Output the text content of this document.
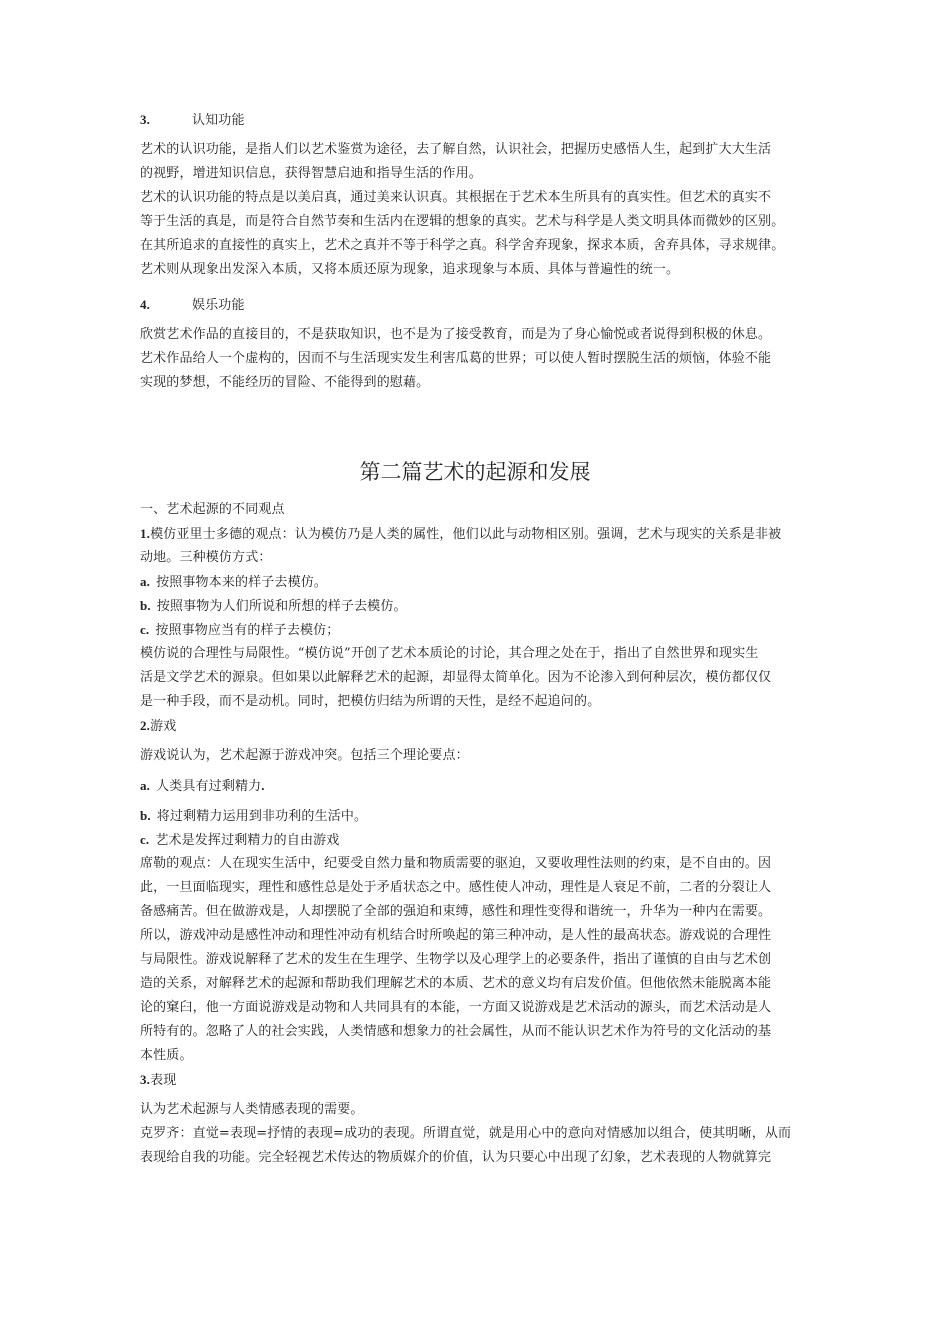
3.	认知功能
艺术的认识功能，是指人们以艺术鉴赏为途径，去了解自然，认识社会，把握历史感悟人生，起到扩大大生活
的视野，增进知识信息，获得智慧启迪和指导生活的作用。
艺术的认识功能的特点是以美启真，通过美来认识真。其根据在于艺术本生所具有的真实性。但艺术的真实不
等于生活的真是，而是符合自然节奏和生活内在逻辑的想象的真实。艺术与科学是人类文明具体而微妙的区别。
在其所追求的直接性的真实上，艺术之真并不等于科学之真。科学舍弃现象，探求本质，舍弃具体，寻求规律。
艺术则从现象出发深入本质，又将本质还原为现象，追求现象与本质、具体与普遍性的统一。
4.	娱乐功能
欣赏艺术作品的直接目的，不是获取知识，也不是为了接受教育，而是为了身心愉悦或者说得到积极的休息。
艺术作品给人一个虚构的，因而不与生活现实发生利害瓜葛的世界；可以使人暂时摆脱生活的烦恼，体验不能
实现的梦想，不能经历的冒险、不能得到的慰藉。
第二篇艺术的起源和发展
一、艺术起源的不同观点
1.模仿亚里士多德的观点：认为模仿乃是人类的属性，他们以此与动物相区别。强调，艺术与现实的关系是非被
动地。三种模仿方式：
a. 按照事物本来的样子去模仿。
b. 按照事物为人们所说和所想的样子去模仿。
c. 按照事物应当有的样子去模仿；
模仿说的合理性与局限性。“模仿说”开创了艺术本质论的讨论，其合理之处在于，指出了自然世界和现实生
活是文学艺术的源泉。但如果以此解释艺术的起源，却显得太简单化。因为不论渗入到何种层次，模仿都仅仅
是一种手段，而不是动机。同时，把模仿归结为所谓的天性，是经不起追问的。
2.游戏
游戏说认为，艺术起源于游戏冲突。包括三个理论要点：
a. 人类具有过剩精力.
b. 将过剩精力运用到非功利的生活中。
c. 艺术是发挥过剩精力的自由游戏
席勒的观点：人在现实生活中，纪要受自然力量和物质需要的驱迫，又要收理性法则的约束，是不自由的。因
此，一旦面临现实，理性和感性总是处于矛盾状态之中。感性使人冲动，理性是人衰足不前，二者的分裂让人
备感痛苦。但在做游戏是，人却摆脱了全部的强迫和束缚，感性和理性变得和谐统一，升华为一种内在需要。
所以，游戏冲动是感性冲动和理性冲动有机结合时所唤起的第三种冲动，是人性的最高状态。游戏说的合理性
与局限性。游戏说解释了艺术的发生在生理学、生物学以及心理学上的必要条件，指出了谨慎的自由与艺术创
造的关系，对解释艺术的起源和帮助我们理解艺术的本质、艺术的意义均有启发价值。但他依然未能脱离本能
论的窠臼，他一方面说游戏是动物和人共同具有的本能，一方面又说游戏是艺术活动的源头，而艺术活动是人
所特有的。忽略了人的社会实践，人类情感和想象力的社会属性，从而不能认识艺术作为符号的文化活动的基
本性质。
3.表现
认为艺术起源与人类情感表现的需要。
克罗齐：直觉=表现=抒情的表现=成功的表现。所谓直觉，就是用心中的意向对情感加以组合，使其明晰，从而
表现给自我的功能。完全轻视艺术传达的物质媒介的价值，认为只要心中出现了幻象，艺术表现的人物就算完
